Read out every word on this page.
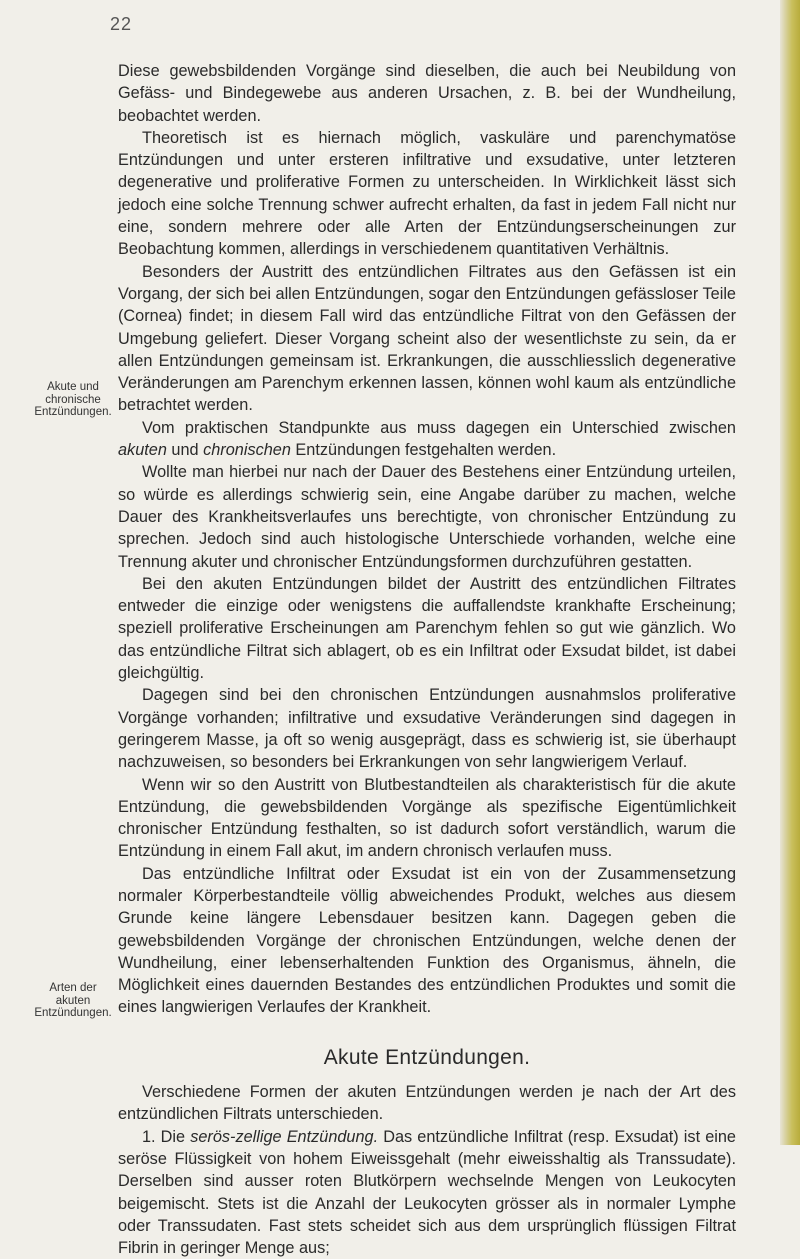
22
Akute und chronische Entzündungen.
Arten der akuten Entzündungen.

Diese gewebsbildenden Vorgänge sind dieselben, die auch bei Neubildung von Gefäss- und Bindegewebe aus anderen Ursachen, z. B. bei der Wundheilung, beobachtet werden.

Theoretisch ist es hiernach möglich, vaskuläre und parenchymatöse Entzündungen und unter ersteren infiltrative und exsudative, unter letzteren degenerative und proliferative Formen zu unterscheiden. In Wirklichkeit lässt sich jedoch eine solche Trennung schwer aufrecht erhalten, da fast in jedem Fall nicht nur eine, sondern mehrere oder alle Arten der Entzündungserscheinungen zur Beobachtung kommen, allerdings in verschiedenem quantitativen Verhältnis.

Besonders der Austritt des entzündlichen Filtrates aus den Gefässen ist ein Vorgang, der sich bei allen Entzündungen, sogar den Entzündungen gefässloser Teile (Cornea) findet; in diesem Fall wird das entzündliche Filtrat von den Gefässen der Umgebung geliefert. Dieser Vorgang scheint also der wesentlichste zu sein, da er allen Entzündungen gemeinsam ist. Erkrankungen, die ausschliesslich degenerative Veränderungen am Parenchym erkennen lassen, können wohl kaum als entzündliche betrachtet werden.

Vom praktischen Standpunkte aus muss dagegen ein Unterschied zwischen akuten und chronischen Entzündungen festgehalten werden.

Wollte man hierbei nur nach der Dauer des Bestehens einer Entzündung urteilen, so würde es allerdings schwierig sein, eine Angabe darüber zu machen, welche Dauer des Krankheitsverlaufes uns berechtigte, von chronischer Entzündung zu sprechen. Jedoch sind auch histologische Unterschiede vorhanden, welche eine Trennung akuter und chronischer Entzündungsformen durchzuführen gestatten.

Bei den akuten Entzündungen bildet der Austritt des entzündlichen Filtrates entweder die einzige oder wenigstens die auffallendste krankhafte Erscheinung; speziell proliferative Erscheinungen am Parenchym fehlen so gut wie gänzlich. Wo das entzündliche Filtrat sich ablagert, ob es ein Infiltrat oder Exsudat bildet, ist dabei gleichgültig.

Dagegen sind bei den chronischen Entzündungen ausnahmslos proliferative Vorgänge vorhanden; infiltrative und exsudative Veränderungen sind dagegen in geringerem Masse, ja oft so wenig ausgeprägt, dass es schwierig ist, sie überhaupt nachzuweisen, so besonders bei Erkrankungen von sehr langwierigem Verlauf.

Wenn wir so den Austritt von Blutbestandteilen als charakteristisch für die akute Entzündung, die gewebsbildenden Vorgänge als spezifische Eigentümlichkeit chronischer Entzündung festhalten, so ist dadurch sofort verständlich, warum die Entzündung in einem Fall akut, im andern chronisch verlaufen muss.

Das entzündliche Infiltrat oder Exsudat ist ein von der Zusammensetzung normaler Körperbestandteile völlig abweichendes Produkt, welches aus diesem Grunde keine längere Lebensdauer besitzen kann. Dagegen geben die gewebsbildenden Vorgänge der chronischen Entzündungen, welche denen der Wundheilung, einer lebenserhaltenden Funktion des Organismus, ähneln, die Möglichkeit eines dauernden Bestandes des entzündlichen Produktes und somit die eines langwierigen Verlaufes der Krankheit.

Akute Entzündungen.

Verschiedene Formen der akuten Entzündungen werden je nach der Art des entzündlichen Filtrats unterschieden.

1. Die serös-zellige Entzündung. Das entzündliche Infiltrat (resp. Exsudat) ist eine seröse Flüssigkeit von hohem Eiweissgehalt (mehr eiweisshaltig als Transsudate). Derselben sind ausser roten Blutkörpern wechselnde Mengen von Leukocyten beigemischt. Stets ist die Anzahl der Leukocyten grösser als in normaler Lymphe oder Transsudaten. Fast stets scheidet sich aus dem ursprünglich flüssigen Filtrat Fibrin in geringer Menge aus;
